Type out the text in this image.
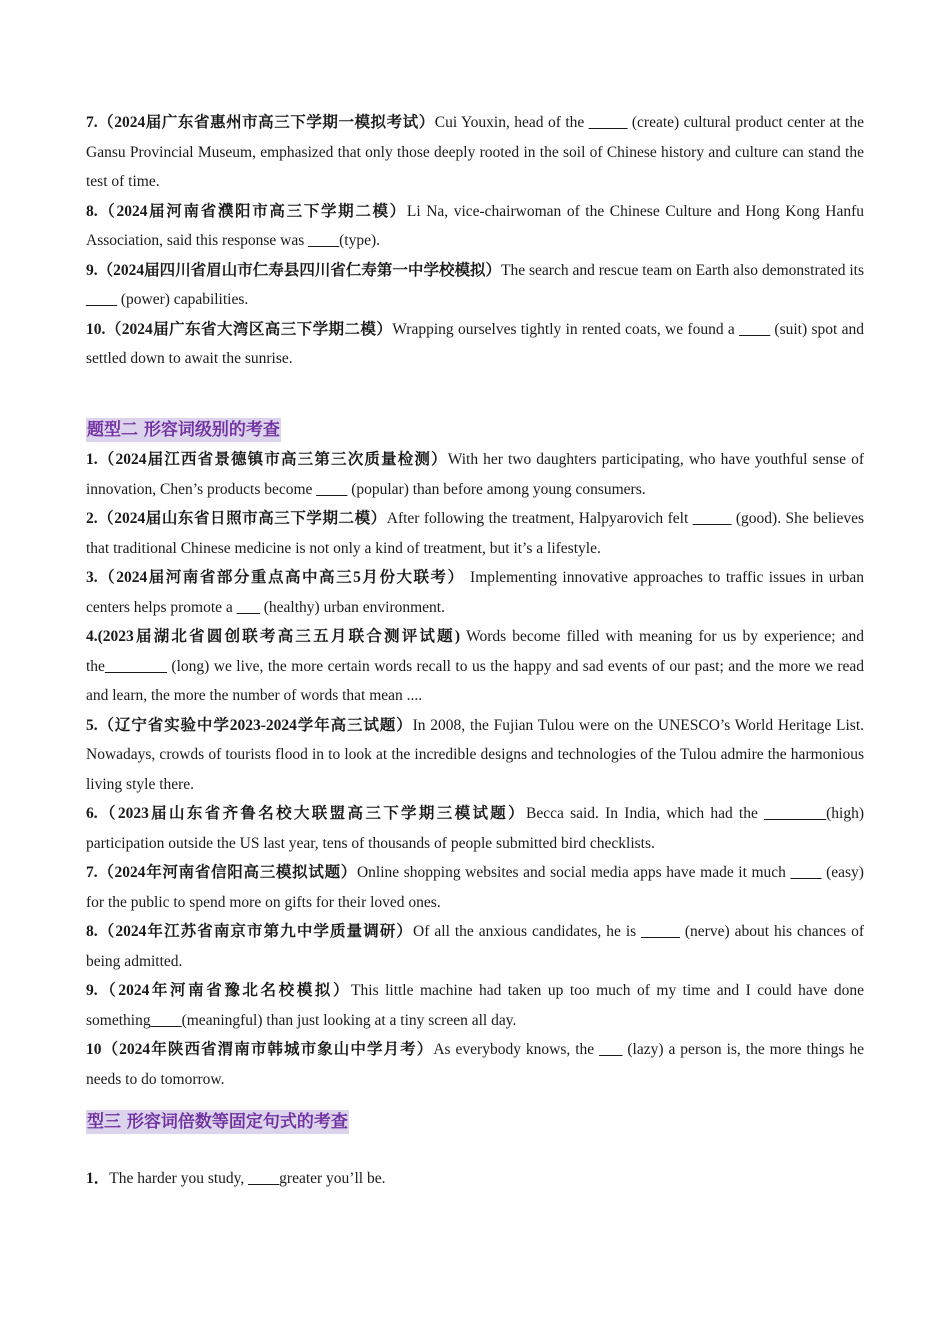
7.（2024届广东省惠州市高三下学期一模拟考试）Cui Youxin, head of the _____ (create) cultural product center at the Gansu Provincial Museum, emphasized that only those deeply rooted in the soil of Chinese history and culture can stand the test of time.

8.（2024届河南省濮阳市高三下学期二模）Li Na, vice-chairwoman of the Chinese Culture and Hong Kong Hanfu Association, said this response was ____(type).

9.（2024届四川省眉山市仁寿县四川省仁寿第一中学校模拟）The search and rescue team on Earth also demonstrated its ____ (power) capabilities.

10.（2024届广东省大湾区高三下学期二模）Wrapping ourselves tightly in rented coats, we found a ____ (suit) spot and settled down to await the sunrise.

题型二 形容词级别的考查

1.（2024届江西省景德镇市高三第三次质量检测）With her two daughters participating, who have youthful sense of innovation, Chen’s products become ____ (popular) than before among young consumers.

2.（2024届山东省日照市高三下学期二模）After following the treatment, Halpyarovich felt _____ (good). She believes that traditional Chinese medicine is not only a kind of treatment, but it’s a lifestyle.

3.（2024届河南省部分重点高中高三5月份大联考） Implementing innovative approaches to traffic issues in urban centers helps promote a ___ (healthy) urban environment.

4.(2023届湖北省圆创联考高三五月联合测评试题) Words become filled with meaning for us by experience; and the________ (long) we live, the more certain words recall to us the happy and sad events of our past; and the more we read and learn, the more the number of words that mean ....

5.（辽宁省实验中学2023-2024学年高三试题）In 2008, the Fujian Tulou were on the UNESCO’s World Heritage List. Nowadays, crowds of tourists flood in to look at the incredible designs and technologies of the Tulou admire the harmonious living style there.

6.（2023届山东省齐鲁名校大联盟高三下学期三模试题）Becca said. In India, which had the ________(high) participation outside the US last year, tens of thousands of people submitted bird checklists.

7.（2024年河南省信阳高三模拟试题）Online shopping websites and social media apps have made it much ____ (easy) for the public to spend more on gifts for their loved ones.

8.（2024年江苏省南京市第九中学质量调研）Of all the anxious candidates, he is _____ (nerve) about his chances of being admitted.

9.（2024年河南省豫北名校模拟）This little machine had taken up too much of my time and I could have done something____(meaningful) than just looking at a tiny screen all day.

10（2024年陕西省渭南市韩城市象山中学月考）As everybody knows, the ___ (lazy) a person is, the more things he needs to do tomorrow.

型三 形容词倍数等固定句式的考查

1．The harder you study, ____greater you’ll be.
